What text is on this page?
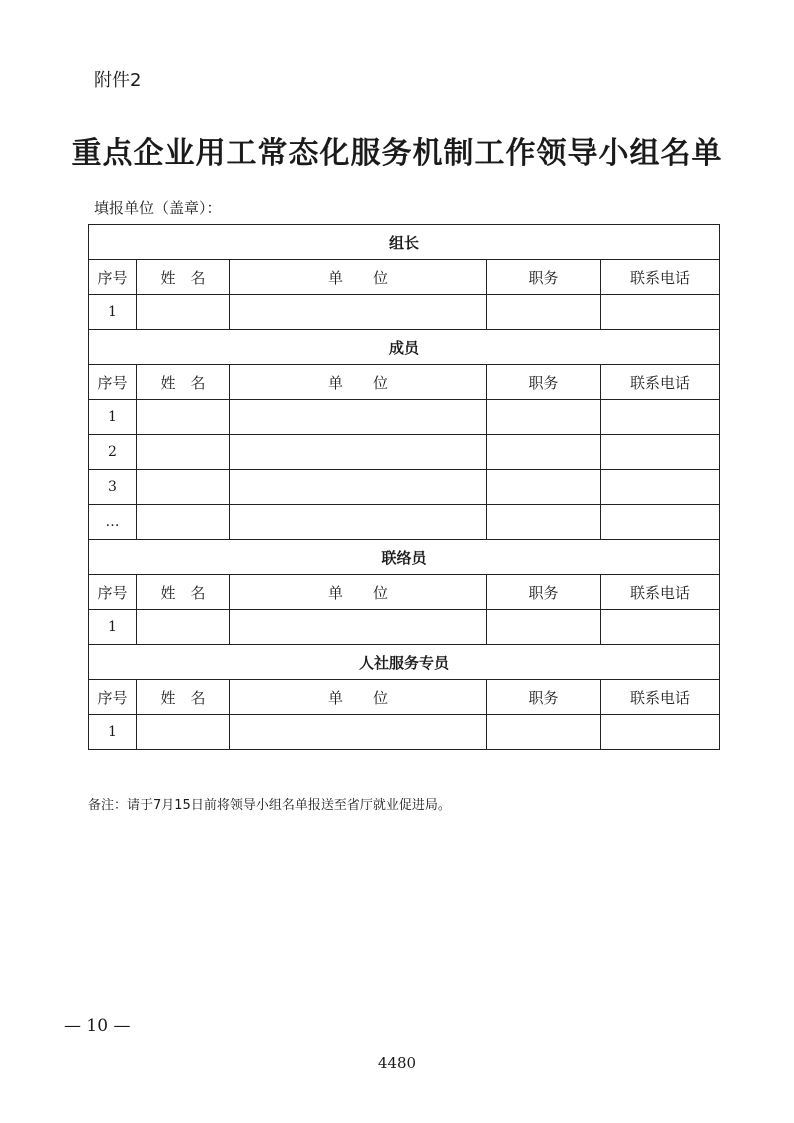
附件2
重点企业用工常态化服务机制工作领导小组名单
填报单位（盖章）：
组长				
序号	姓　名	单　　位	职务	联系电话
1				
成员				
序号	姓　名	单　　位	职务	联系电话
1				
2				
3				
…				
联络员				
序号	姓　名	单　　位	职务	联系电话
1				
人社服务专员				
序号	姓　名	单　　位	职务	联系电话
1				
备注：请于7月15日前将领导小组名单报送至省厅就业促进局。
— 10 —
4480
